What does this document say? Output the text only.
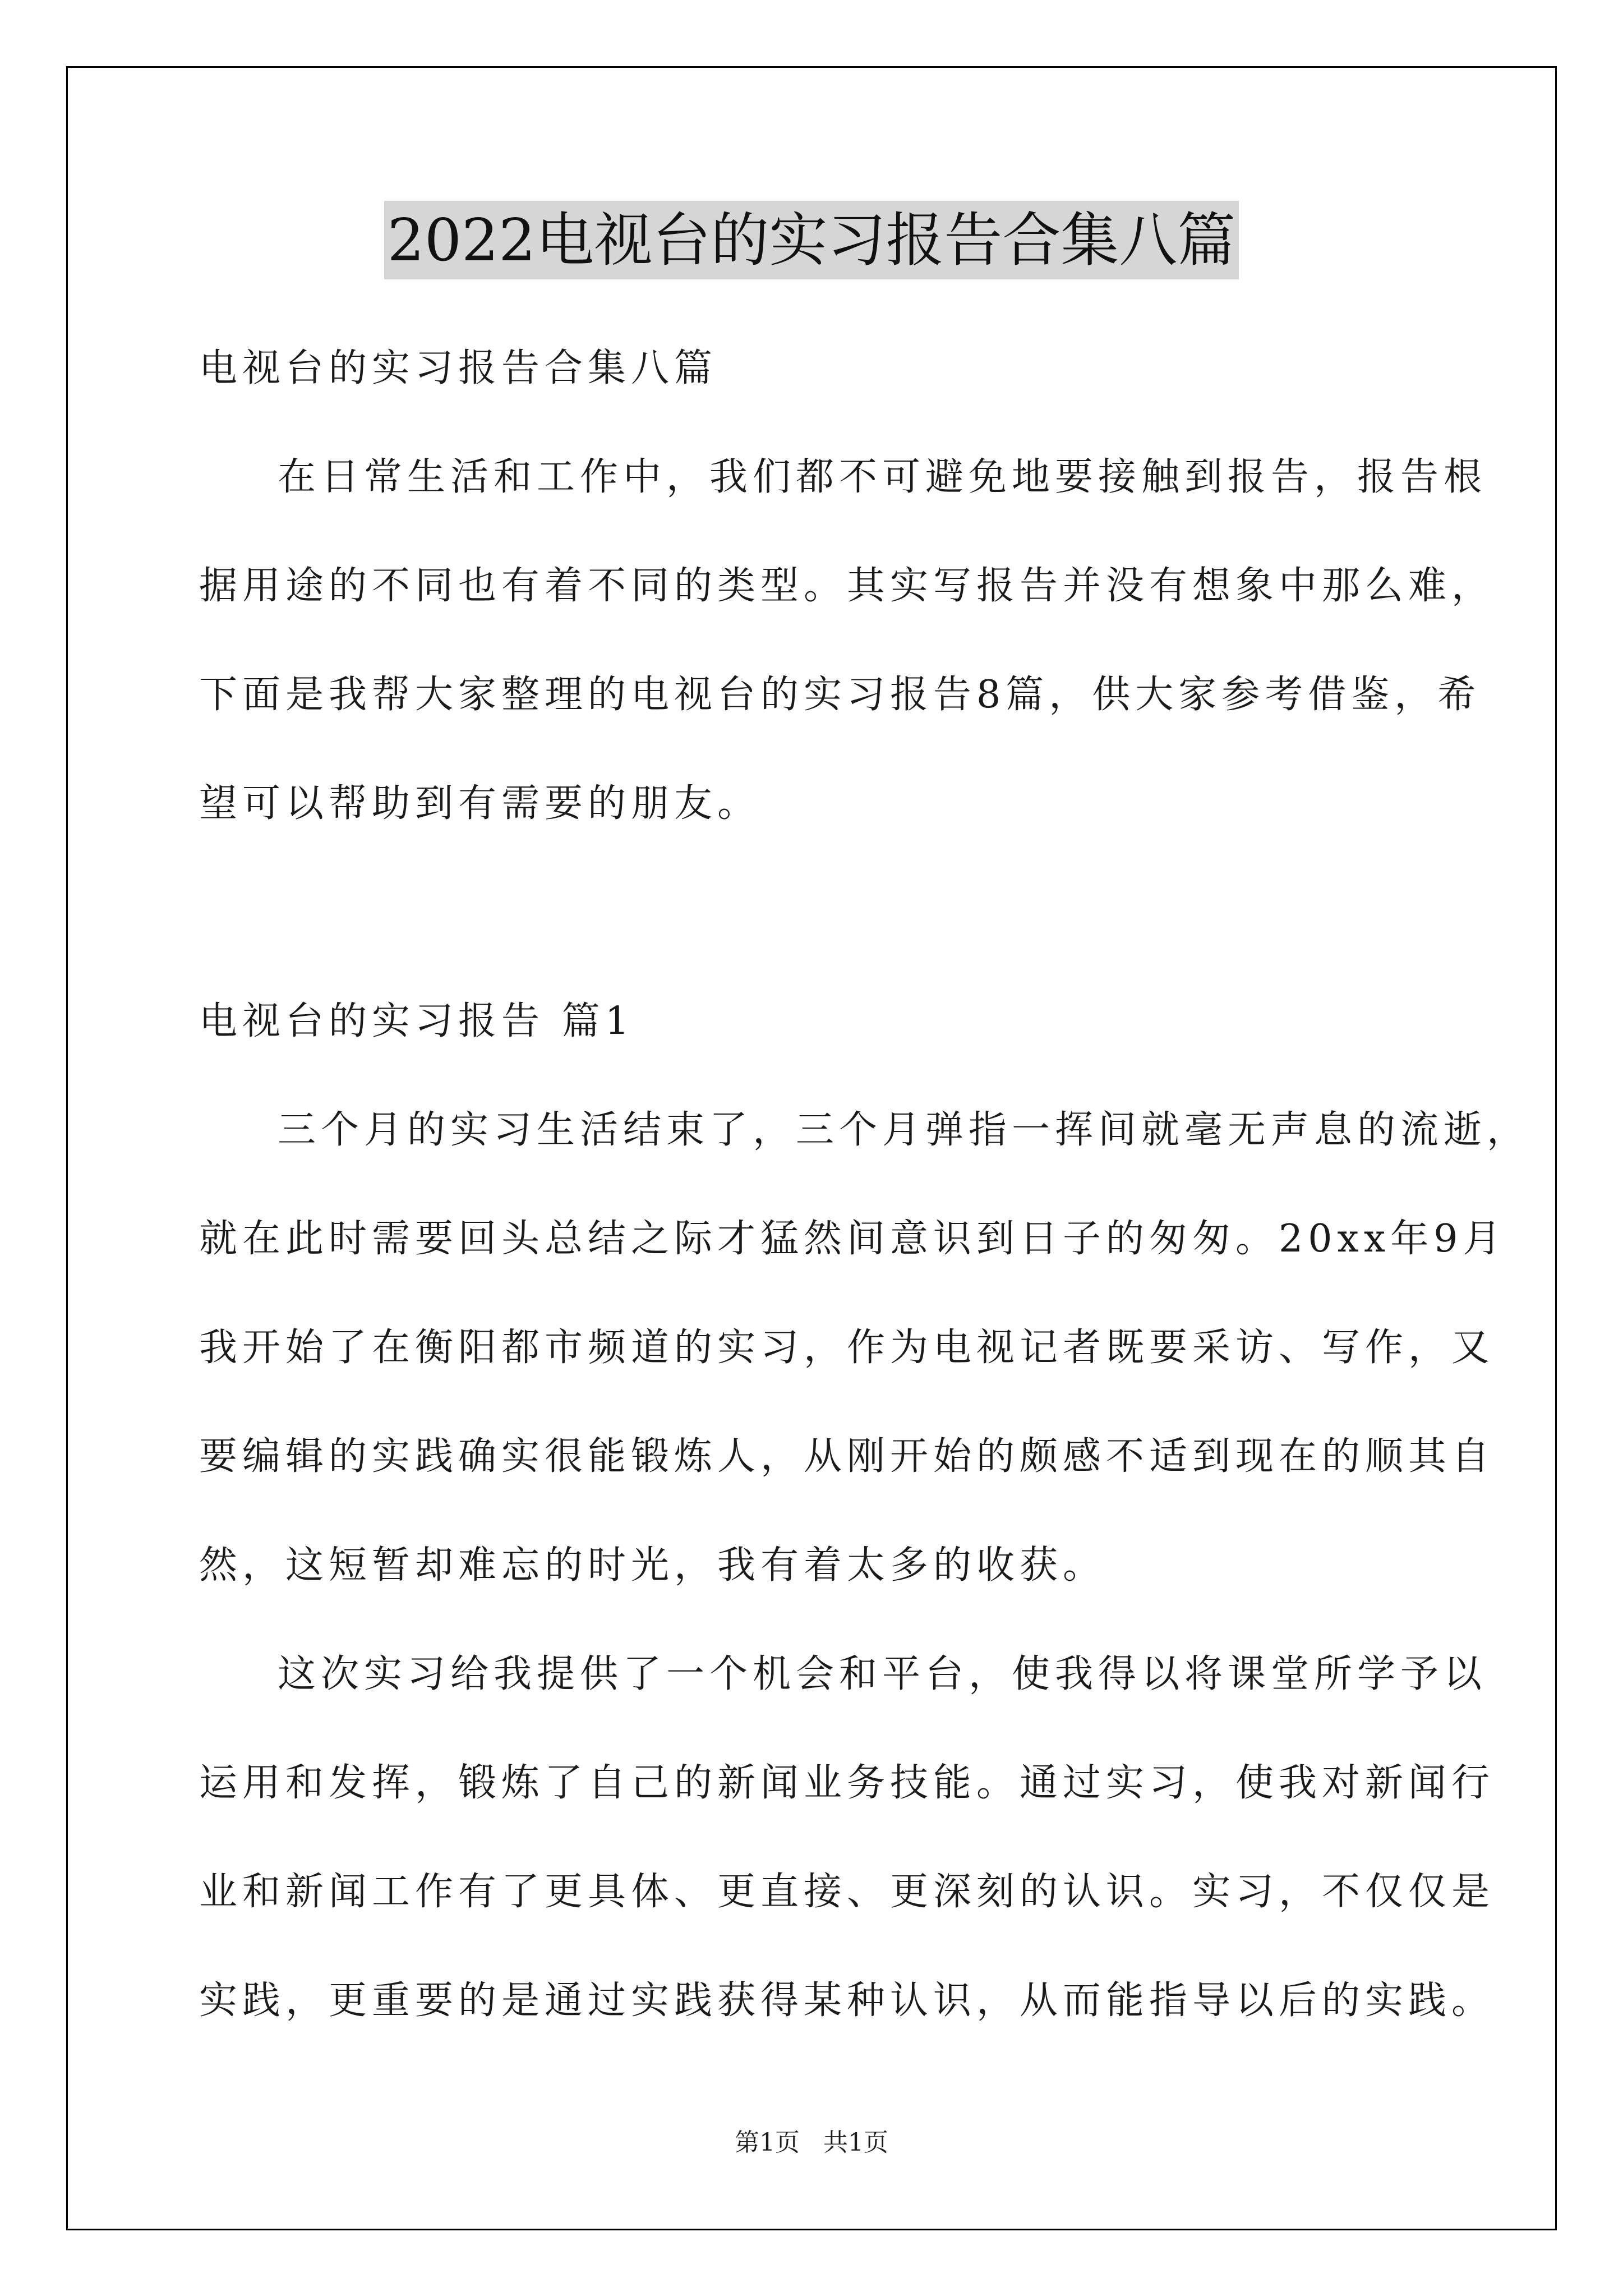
2022电视台的实习报告合集八篇
电视台的实习报告合集八篇
在日常生活和工作中，我们都不可避免地要接触到报告，报告根
据用途的不同也有着不同的类型。其实写报告并没有想象中那么难，
下面是我帮大家整理的电视台的实习报告8篇，供大家参考借鉴，希
望可以帮助到有需要的朋友。
电视台的实习报告 篇1
三个月的实习生活结束了，三个月弹指一挥间就毫无声息的流逝，
就在此时需要回头总结之际才猛然间意识到日子的匆匆。20xx年9月
我开始了在衡阳都市频道的实习，作为电视记者既要采访、写作，又
要编辑的实践确实很能锻炼人，从刚开始的颇感不适到现在的顺其自
然，这短暂却难忘的时光，我有着太多的收获。
这次实习给我提供了一个机会和平台，使我得以将课堂所学予以
运用和发挥，锻炼了自己的新闻业务技能。通过实习，使我对新闻行
业和新闻工作有了更具体、更直接、更深刻的认识。实习，不仅仅是
实践，更重要的是通过实践获得某种认识，从而能指导以后的实践。
第1页   共1页
